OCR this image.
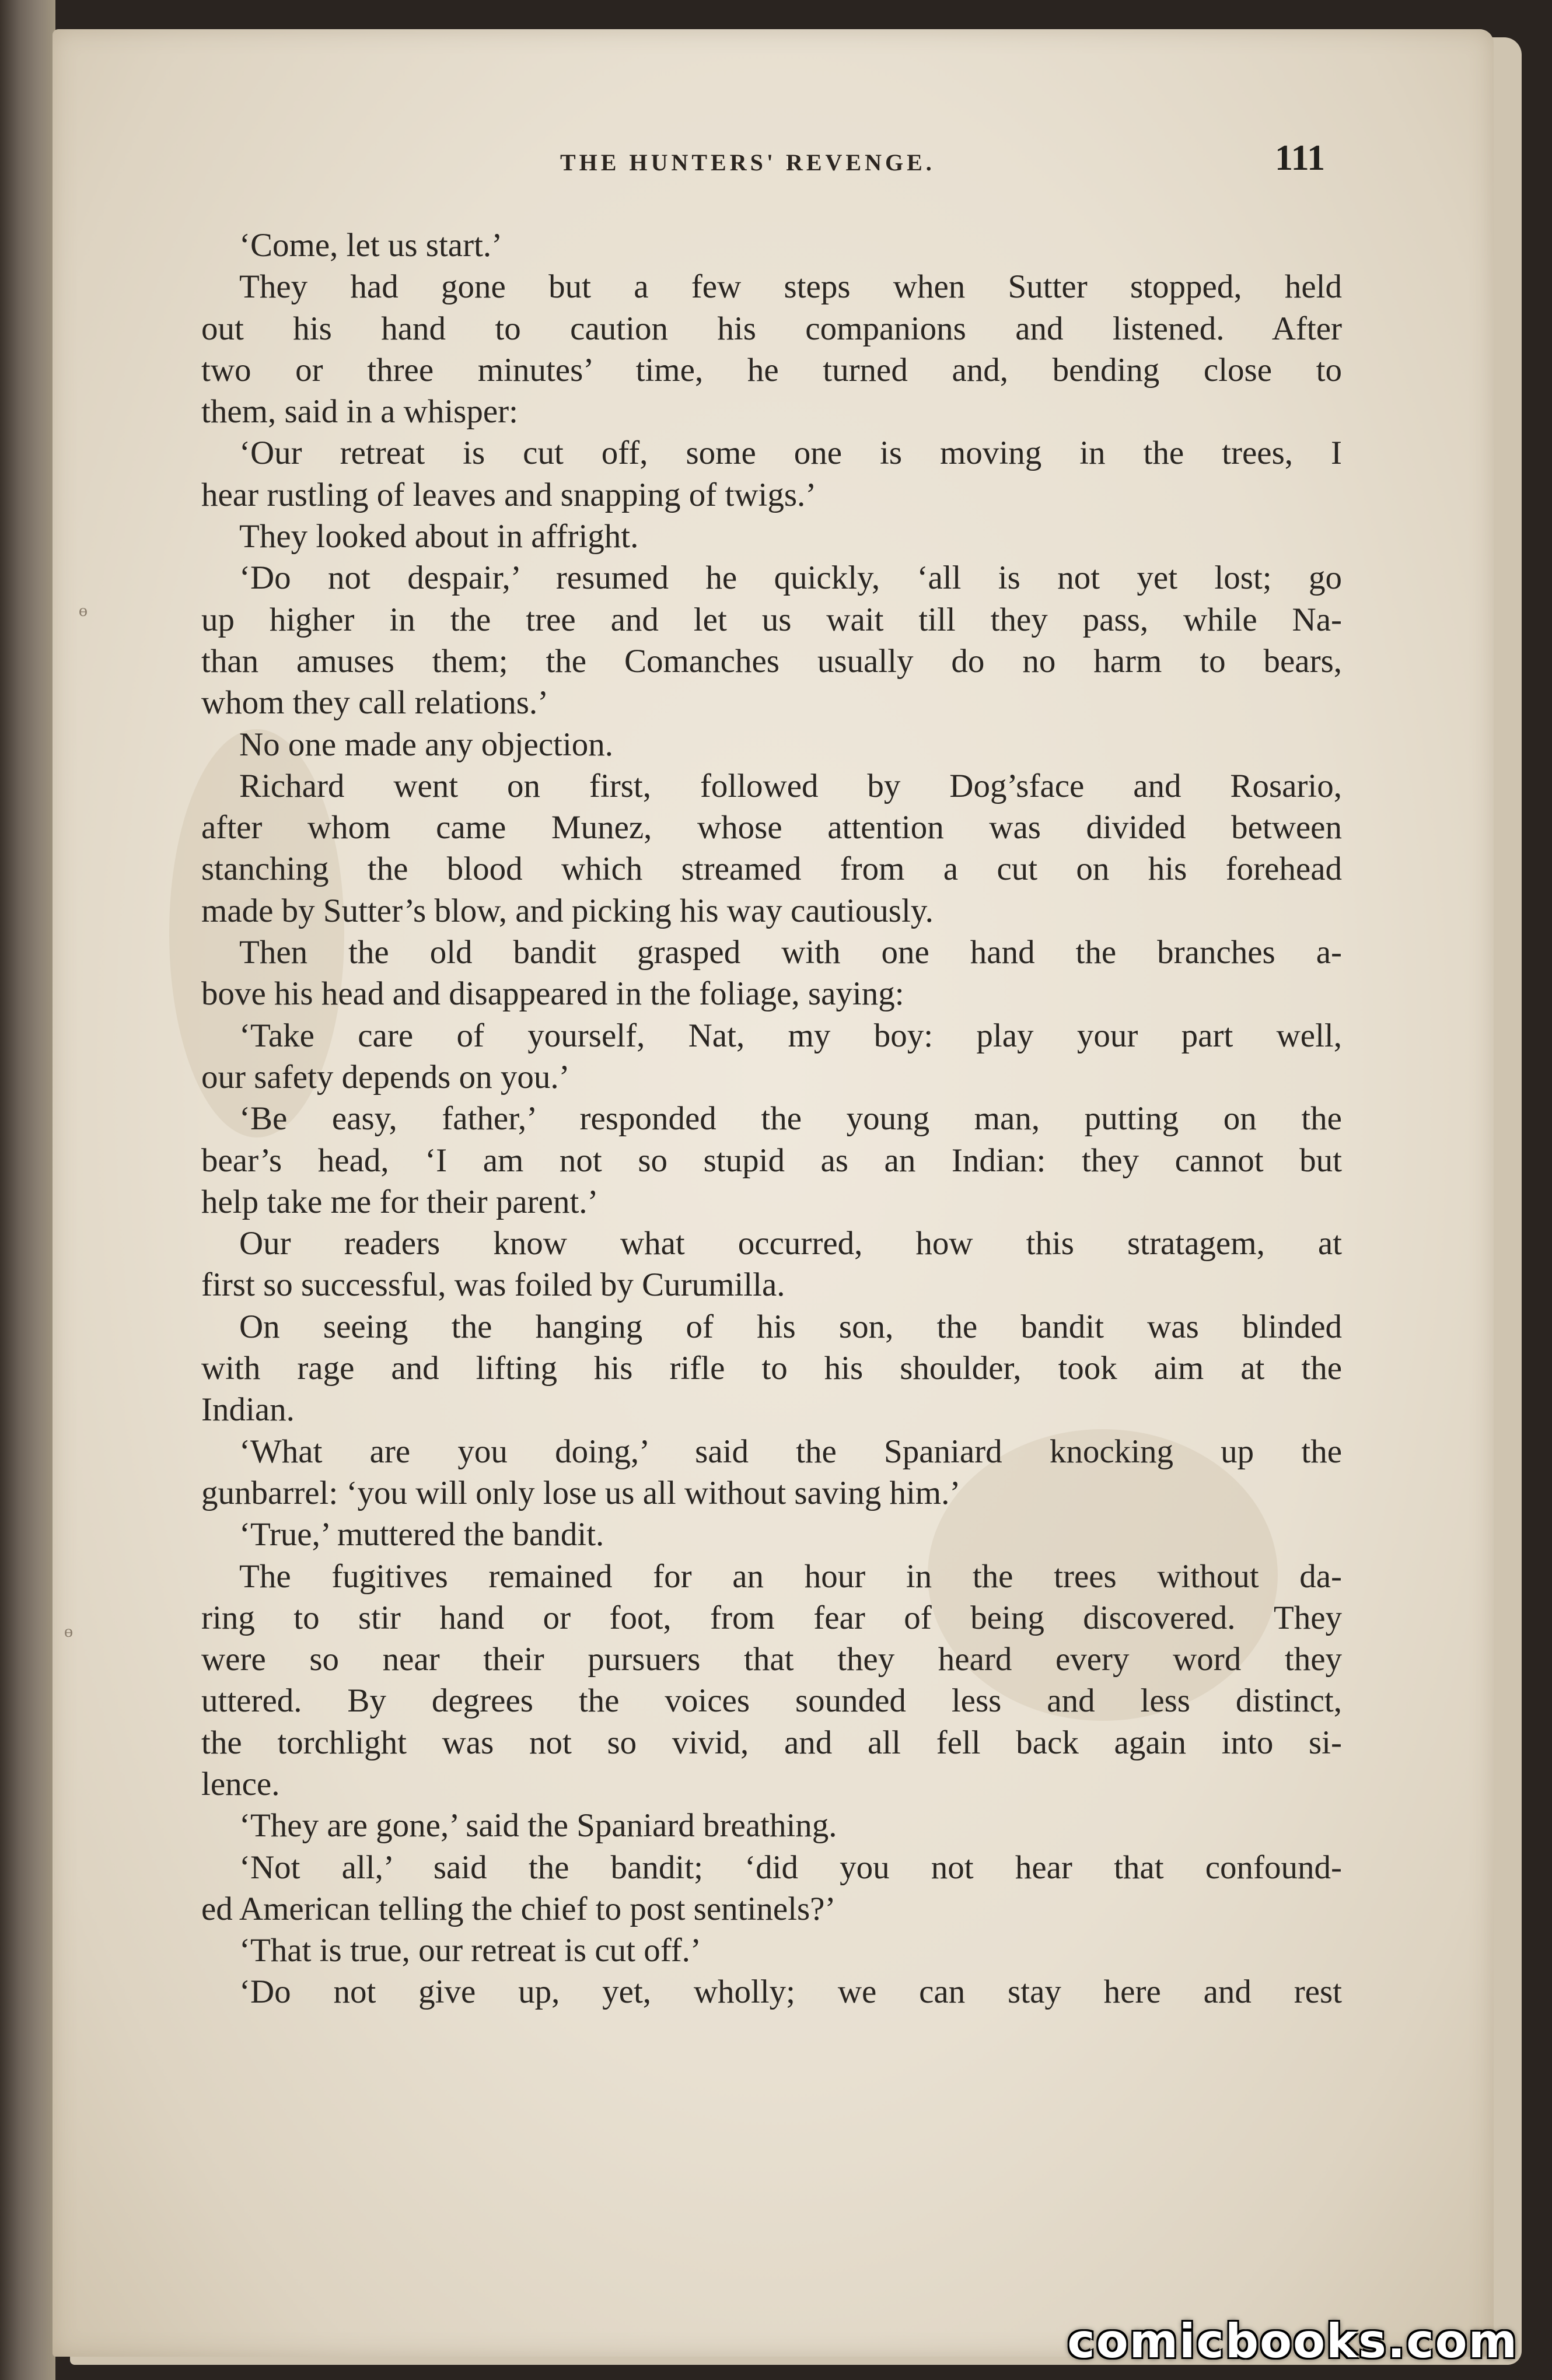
THE HUNTERS' REVENGE.	111
ɵ
ɵ
‘Come, let us start.’
They had gone but a few steps when Sutter stopped, held
out his hand to caution his companions and listened. After
two or three minutes’ time, he turned and, bending close to
them, said in a whisper:
‘Our retreat is cut off, some one is moving in the trees, I
hear rustling of leaves and snapping of twigs.’
They looked about in affright.
‘Do not despair,’ resumed he quickly, ‘all is not yet lost; go
up higher in the tree and let us wait till they pass, while Na-
than amuses them; the Comanches usually do no harm to bears,
whom they call relations.’
No one made any objection.
Richard went on first, followed by Dog’sface and Rosario,
after whom came Munez, whose attention was divided between
stanching the blood which streamed from a cut on his forehead
made by Sutter’s blow, and picking his way cautiously.
Then the old bandit grasped with one hand the branches a-
bove his head and disappeared in the foliage, saying:
‘Take care of yourself, Nat, my boy: play your part well,
our safety depends on you.’
‘Be easy, father,’ responded the young man, putting on the
bear’s head, ‘I am not so stupid as an Indian: they cannot but
help take me for their parent.’
Our readers know what occurred, how this stratagem, at
first so successful, was foiled by Curumilla.
On seeing the hanging of his son, the bandit was blinded
with rage and lifting his rifle to his shoulder, took aim at the
Indian.
‘What are you doing,’ said the Spaniard knocking up the
gunbarrel: ‘you will only lose us all without saving him.’
‘True,’ muttered the bandit.
The fugitives remained for an hour in the trees without da-
ring to stir hand or foot, from fear of being discovered. They
were so near their pursuers that they heard every word they
uttered. By degrees the voices sounded less and less distinct,
the torchlight was not so vivid, and all fell back again into si-
lence.
‘They are gone,’ said the Spaniard breathing.
‘Not all,’ said the bandit; ‘did you not hear that confound-
ed American telling the chief to post sentinels?’
‘That is true, our retreat is cut off.’
‘Do not give up, yet, wholly; we can stay here and rest
comicbooks.com
